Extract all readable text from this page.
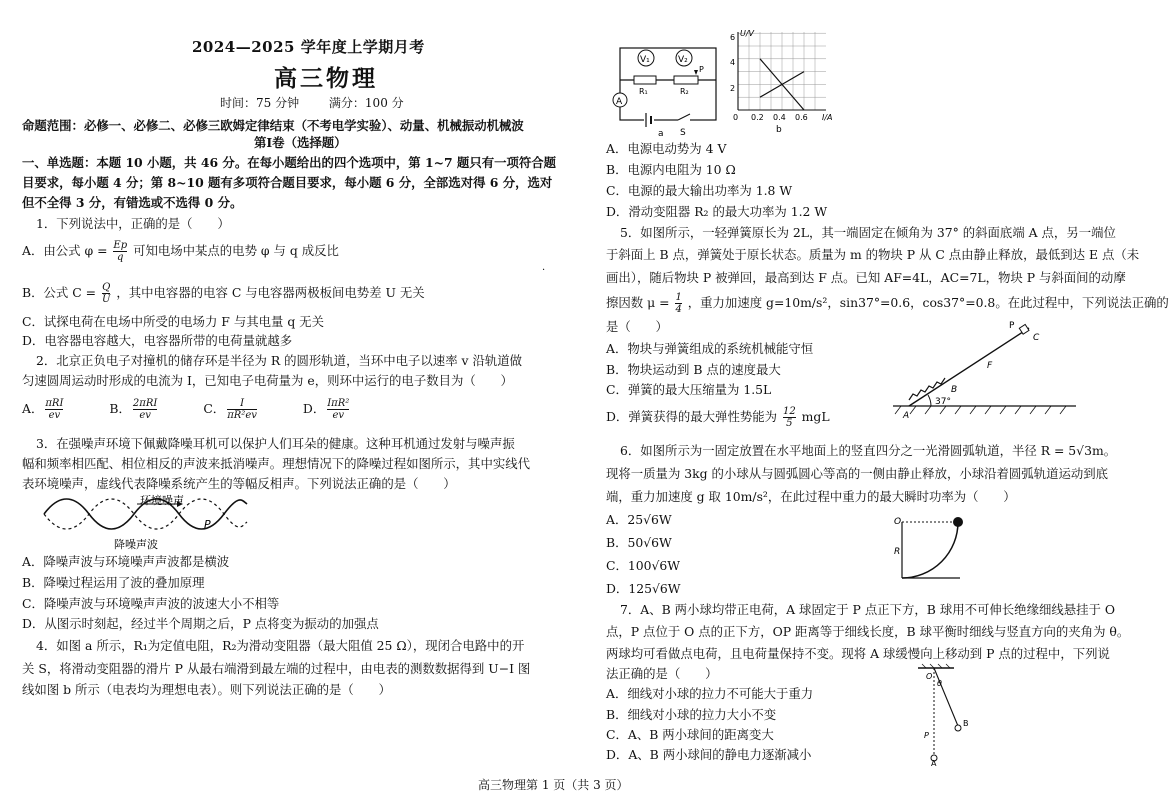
2024—2025 学年度上学期月考
高三物理
时间：75 分钟 满分：100 分
命题范围：必修一、必修二、必修三欧姆定律结束（不考电学实验）、动量、机械振动机械波
第Ⅰ卷（选择题）
一、单选题：本题 10 小题，共 46 分。在每小题给出的四个选项中，第 1~7 题只有一项符合题
目要求，每小题 4 分；第 8~10 题有多项符合题目要求，每小题 6 分，全部选对得 6 分，选对
但不全得 3 分，有错选或不选得 0 分。
1．下列说法中，正确的是（　　）
A．由公式 $\varphi = \frac{Ep}{q}$ 可知电场中某点的电势 φ 与 q 成反比
B．公式 $C = \frac{Q}{U}$ ，其中电容器的电容 C 与电容器两极板间电势差 U 无关
C．试探电荷在电场中所受的电场力 F 与其电量 q 无关
D．电容器电容越大，电容器所带的电荷量就越多
2．北京正负电子对撞机的储存环是半径为 R 的圆形轨道，当环中电子以速率 v 沿轨道做
匀速圆周运动时形成的电流为 I，已知电子电荷量为 e，则环中运行的电子数目为（　　）
A． πRI
ev	B． 2πRI
ev	C． $\frac{I}{\text{πR²ev}}$	D． IπR²
ev
3．在强噪声环境下佩戴降噪耳机可以保护人们耳朵的健康。这种耳机通过发射与噪声振
幅和频率相匹配、相位相反的声波来抵消噪声。理想情况下的降噪过程如图所示，其中实线代
表环境噪声，虚线代表降噪系统产生的等幅反相声。下列说法正确的是（　　）
环境噪声
降噪声波
P
A．降噪声波与环境噪声声波都是横波
B．降噪过程运用了波的叠加原理
C．降噪声波与环境噪声声波的波速大小不相等
D．从图示时刻起，经过半个周期之后，P 点将变为振动的加强点
4．如图 a 所示，R₁为定值电阻，R₂为滑动变阻器（最大阻值 25 Ω），现闭合电路中的开
关 S，将滑动变阻器的滑片 P 从最右端滑到最左端的过程中，由电表的测数数据得到 U−I 图
线如图 b 所示（电表均为理想电表）。则下列说法正确的是（　　）
·
V₁	V₂
R₁	R₂
P
A
S
a
U/V
I/A
0 0.2 0.4 0.6
2
4
6
b
A．电源电动势为 4 V
B．电源内电阻为 10 Ω
C．电源的最大输出功率为 1.8 W
D．滑动变阻器 R₂ 的最大功率为 1.2 W
5．如图所示，一轻弹簧原长为 2L，其一端固定在倾角为 37° 的斜面底端 A 点，另一端位
于斜面上 B 点，弹簧处于原长状态。质量为 m 的物块 P 从 C 点由静止释放，最低到达 E 点（未
画出），随后物块 P 被弹回，最高到达 F 点。已知 AF=4L，AC=7L，物块 P 与斜面间的动摩
擦因数 $\mu = \frac{1}{4}$ ，重力加速度 g=10m/s²，sin37°=0.6，cos37°=0.8。在此过程中，下列说法正确的
是（　　）
A．物块与弹簧组成的系统机械能守恒
B．物块运动到 B 点的速度最大
C．弹簧的最大压缩量为 1.5L
D．弹簧获得的最大弹性势能为 $\frac{12}{5}$ mgL
37°
P
C
F
B
A
6．如图所示为一固定放置在水平地面上的竖直四分之一光滑圆弧轨道，半径 R = 5√3m。
现将一质量为 3kg 的小球从与圆弧圆心等高的一侧由静止释放，小球沿着圆弧轨道运动到底
端，重力加速度 g 取 10m/s²，在此过程中重力的最大瞬时功率为（　　）
A．25√6W
B．50√6W
C．100√6W
D．125√6W
O
R
7．A、B 两小球均带正电荷，A 球固定于 P 点正下方，B 球用不可伸长绝缘细线悬挂于 O
点，P 点位于 O 点的正下方，OP 距离等于细线长度，B 球平衡时细线与竖直方向的夹角为 θ。
两球均可看做点电荷，且电荷量保持不变。现将 A 球缓慢向上移动到 P 点的过程中，下列说
法正确的是（　　）
A．细线对小球的拉力不可能大于重力
B．细线对小球的拉力大小不变
C．A、B 两小球间的距离变大
D．A、B 两小球间的静电力逐渐减小
O
θ
B
P
A
高三物理第 1 页（共 3 页）
